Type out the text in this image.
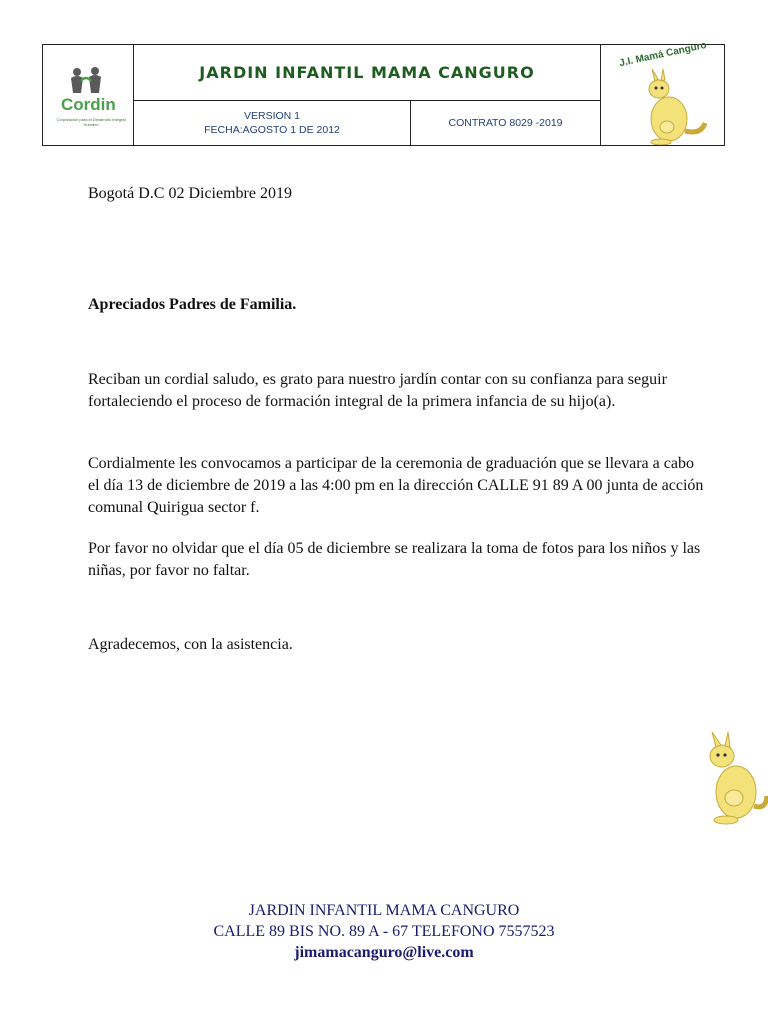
Cordin
Corporación para el Desarrollo Integral Humano
JARDIN INFANTIL MAMA CANGURO
VERSION 1
FECHA:AGOSTO 1 DE 2012
CONTRATO 8029 -2019
J.I. Mamá Canguro

Bogotá D.C 02 Diciembre 2019

Apreciados Padres de Familia.

Reciban un cordial saludo, es grato para nuestro jardín contar con su confianza para seguir fortaleciendo el proceso de formación integral de la primera infancia de su hijo(a).

Cordialmente les convocamos a participar de la ceremonia de graduación que se llevara a cabo el día 13 de diciembre de 2019 a las 4:00 pm en la dirección CALLE 91 89 A 00 junta de acción comunal Quirigua sector f.

Por favor no olvidar que el día 05 de diciembre se realizara la toma de fotos para los niños y las niñas, por favor no faltar.

Agradecemos, con la asistencia.

JARDIN INFANTIL MAMA CANGURO
CALLE 89 BIS NO. 89 A - 67 TELEFONO 7557523
jimamacanguro@live.com
